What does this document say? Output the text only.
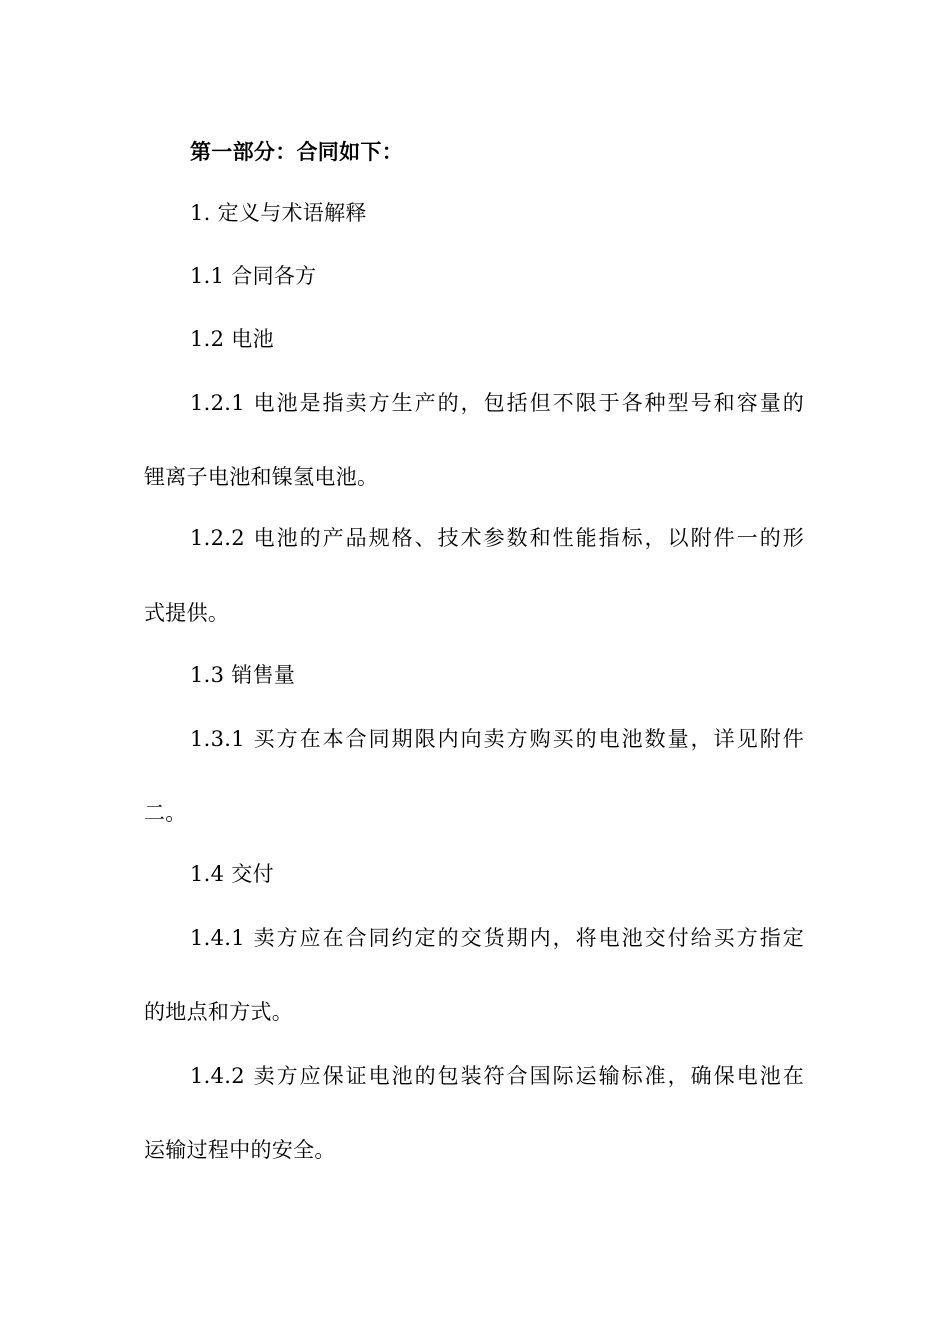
第一部分：合同如下：
1. 定义与术语解释
1.1 合同各方
1.2 电池
1.2.1 电池是指卖方生产的，包括但不限于各种型号和容量的
锂离子电池和镍氢电池。
1.2.2 电池的产品规格、技术参数和性能指标，以附件一的形
式提供。
1.3 销售量
1.3.1 买方在本合同期限内向卖方购买的电池数量，详见附件
二。
1.4 交付
1.4.1 卖方应在合同约定的交货期内，将电池交付给买方指定
的地点和方式。
1.4.2 卖方应保证电池的包装符合国际运输标准，确保电池在
运输过程中的安全。
